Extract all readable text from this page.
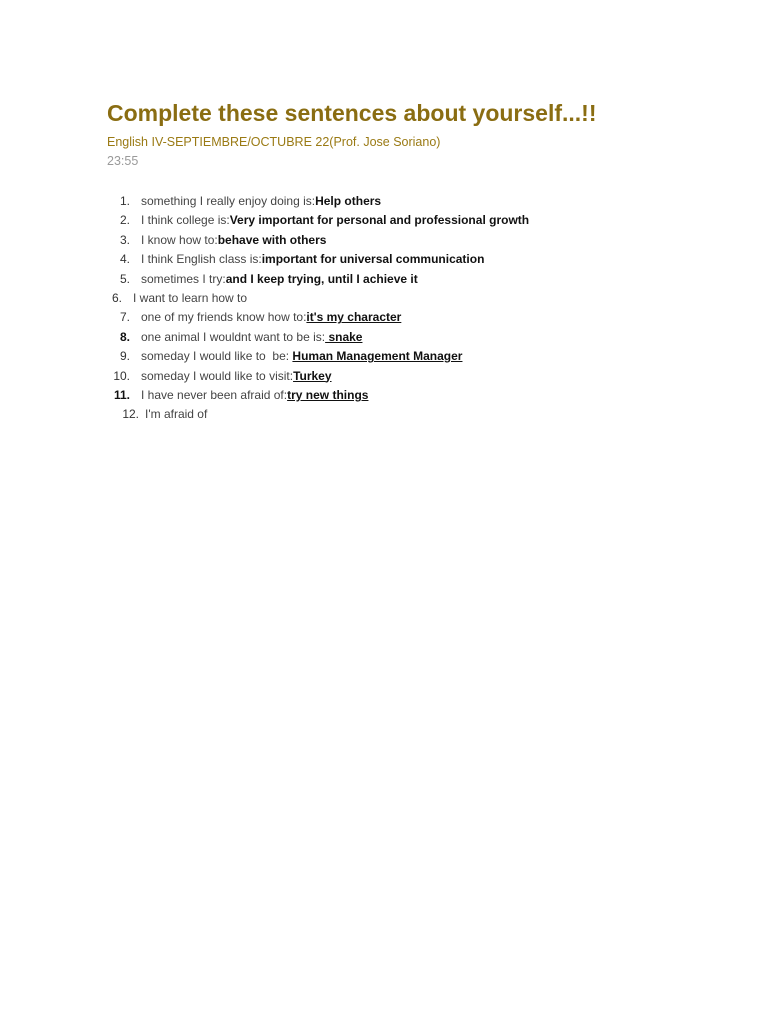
Complete these sentences about yourself...!!
English IV-SEPTIEMBRE/OCTUBRE 22(Prof. Jose Soriano)
23:55
1. something I really enjoy doing is: Help others
2. I think college is: Very important for personal and professional growth
3. I know how to: behave with others
4. I think English class is: important for universal communication
5. sometimes I try: and I keep trying, until I achieve it
6. I want to learn how to
7. one of my friends know how to: it's my character
8. one animal I wouldnt want to be is: snake
9. someday I would like to  be: Human Management Manager
10. someday I would like to visit: Turkey
11. I have never been afraid of: try new things
12. I'm afraid of
